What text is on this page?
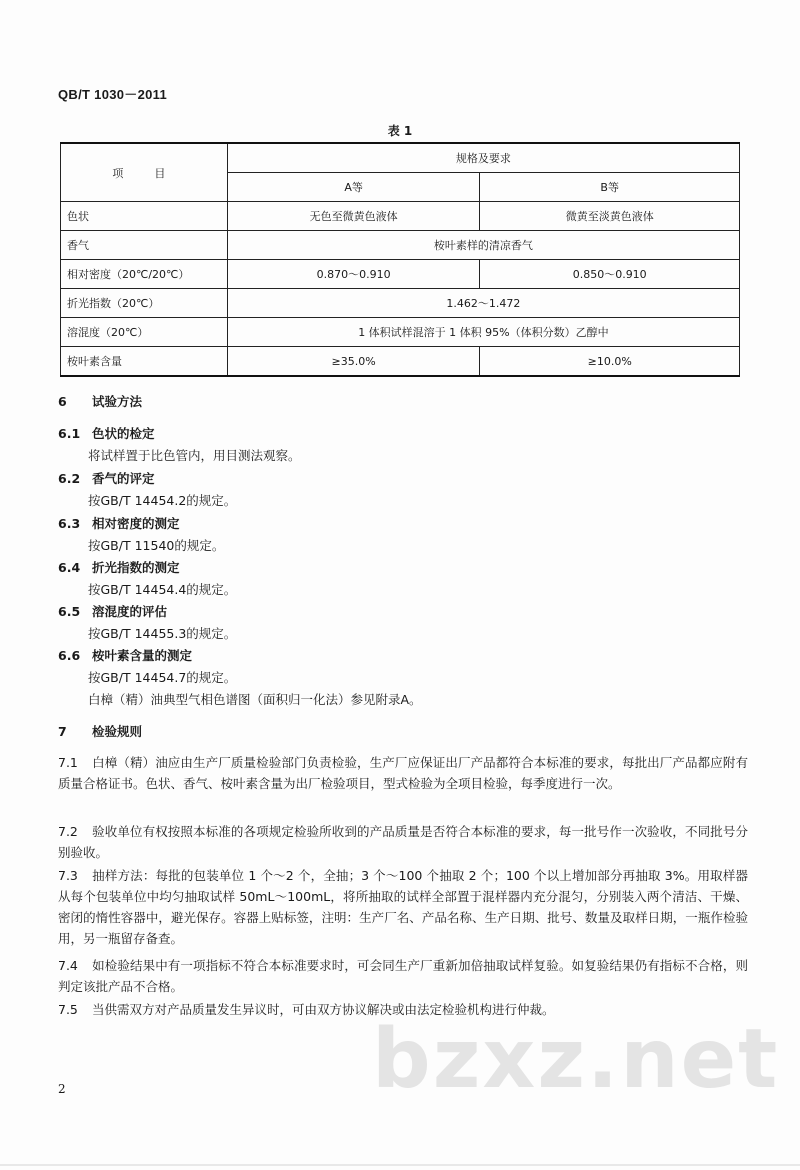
QB/T 1030－2011
表 1
项　目	规格及要求	
	A等	B等
色状	无色至微黄色液体	微黄至淡黄色液体
香气	桉叶素样的清凉香气	
相对密度（20℃/20℃）	0.870～0.910	0.850～0.910
折光指数（20℃）	1.462～1.472	
溶混度（20℃）	1 体积试样混溶于 1 体积 95%（体积分数）乙醇中	
桉叶素含量	≥35.0%	≥10.0%
6 试验方法
6.1 色状的检定
将试样置于比色管内，用目测法观察。
6.2 香气的评定
按GB/T 14454.2的规定。
6.3 相对密度的测定
按GB/T 11540的规定。
6.4 折光指数的测定
按GB/T 14454.4的规定。
6.5 溶混度的评估
按GB/T 14455.3的规定。
6.6 桉叶素含量的测定
按GB/T 14454.7的规定。
白樟（精）油典型气相色谱图（面积归一化法）参见附录A。
7 检验规则
7.1 白樟（精）油应由生产厂质量检验部门负责检验，生产厂应保证出厂产品都符合本标准的要求，每批出厂产品都应附有质量合格证书。色状、香气、桉叶素含量为出厂检验项目，型式检验为全项目检验，每季度进行一次。
7.2 验收单位有权按照本标准的各项规定检验所收到的产品质量是否符合本标准的要求，每一批号作一次验收，不同批号分别验收。
7.3 抽样方法：每批的包装单位 1 个～2 个，全抽；3 个～100 个抽取 2 个；100 个以上增加部分再抽取 3%。用取样器从每个包装单位中均匀抽取试样 50mL～100mL，将所抽取的试样全部置于混样器内充分混匀，分别装入两个清洁、干燥、密闭的惰性容器中，避光保存。容器上贴标签，注明：生产厂名、产品名称、生产日期、批号、数量及取样日期，一瓶作检验用，另一瓶留存备查。
7.4 如检验结果中有一项指标不符合本标准要求时，可会同生产厂重新加倍抽取试样复验。如复验结果仍有指标不合格，则判定该批产品不合格。
7.5 当供需双方对产品质量发生异议时，可由双方协议解决或由法定检验机构进行仲裁。
bzxz.net
2
